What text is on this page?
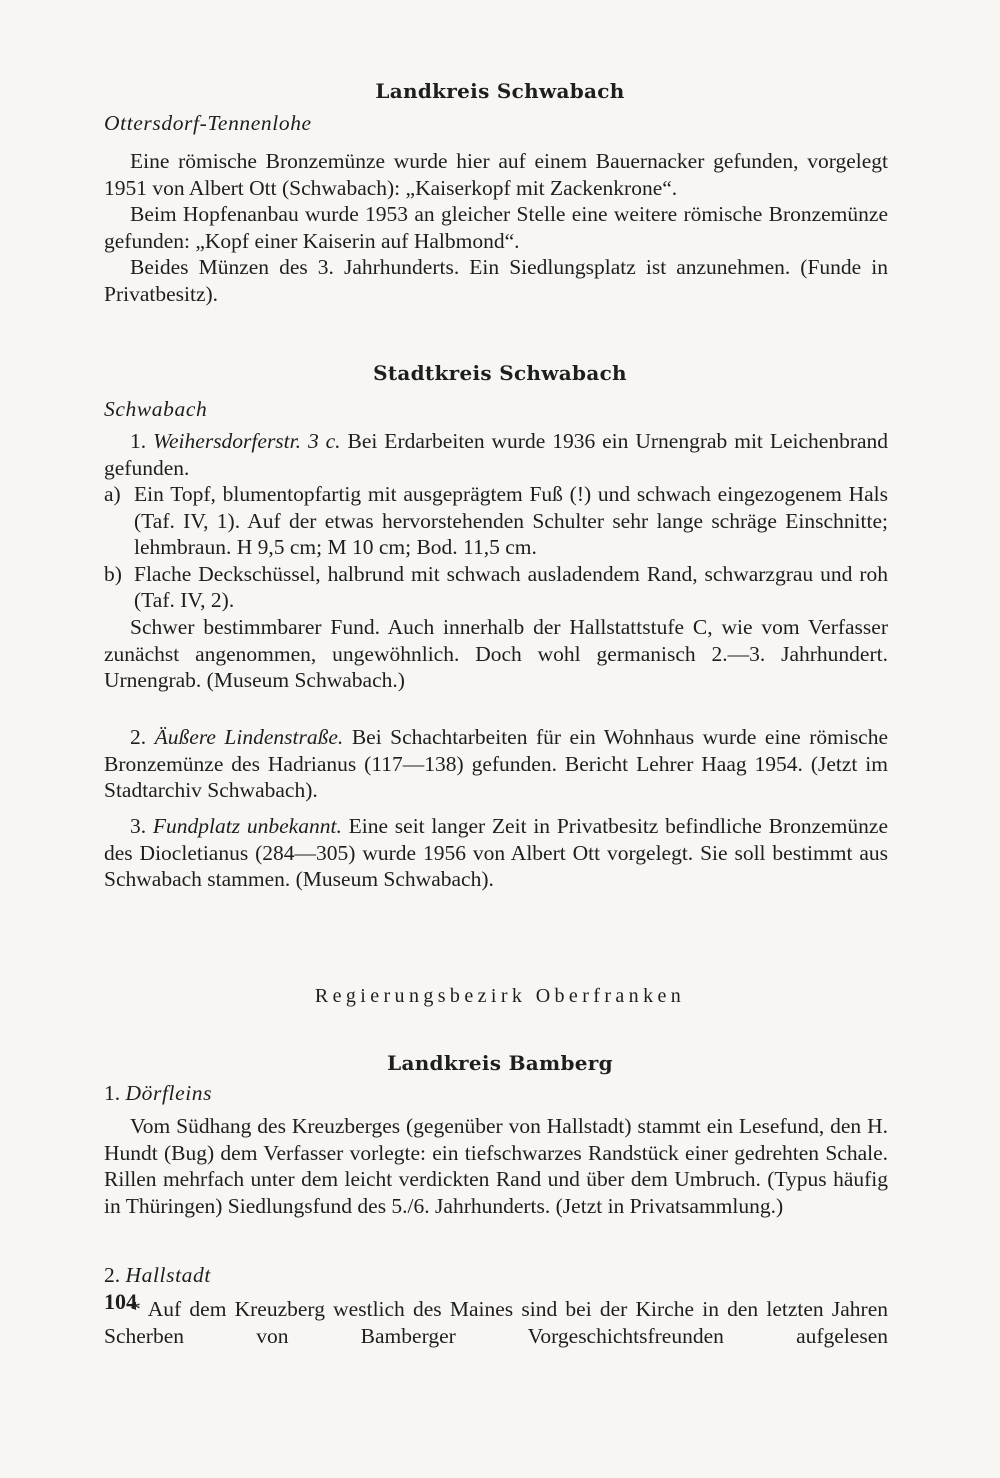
Landkreis Schwabach
Ottersdorf-Tennenlohe

Eine römische Bronzemünze wurde hier auf einem Bauernacker gefunden, vorgelegt 1951 von Albert Ott (Schwabach): „Kaiserkopf mit Zackenkrone“.

Beim Hopfenanbau wurde 1953 an gleicher Stelle eine weitere römische Bronzemünze gefunden: „Kopf einer Kaiserin auf Halbmond“.

Beides Münzen des 3. Jahrhunderts. Ein Siedlungsplatz ist anzunehmen. (Funde in Privatbesitz).

Stadtkreis Schwabach
Schwabach

1. Weihersdorferstr. 3 c. Bei Erdarbeiten wurde 1936 ein Urnengrab mit Leichenbrand gefunden.

a) Ein Topf, blumentopfartig mit ausgeprägtem Fuß (!) und schwach eingezogenem Hals (Taf. IV, 1). Auf der etwas hervorstehenden Schulter sehr lange schräge Einschnitte; lehmbraun. H 9,5 cm; M 10 cm; Bod. 11,5 cm.

b) Flache Deckschüssel, halbrund mit schwach ausladendem Rand, schwarzgrau und roh (Taf. IV, 2).

Schwer bestimmbarer Fund. Auch innerhalb der Hallstattstufe C, wie vom Verfasser zunächst angenommen, ungewöhnlich. Doch wohl germanisch 2.—3. Jahrhundert. Urnengrab. (Museum Schwabach.)

2. Äußere Lindenstraße. Bei Schachtarbeiten für ein Wohnhaus wurde eine römische Bronzemünze des Hadrianus (117—138) gefunden. Bericht Lehrer Haag 1954. (Jetzt im Stadtarchiv Schwabach).

3. Fundplatz unbekannt. Eine seit langer Zeit in Privatbesitz befindliche Bronzemünze des Diocletianus (284—305) wurde 1956 von Albert Ott vorgelegt. Sie soll bestimmt aus Schwabach stammen. (Museum Schwabach).

Regierungsbezirk Oberfranken
Landkreis Bamberg
1. Dörfleins

Vom Südhang des Kreuzberges (gegenüber von Hallstadt) stammt ein Lesefund, den H. Hundt (Bug) dem Verfasser vorlegte: ein tiefschwarzes Randstück einer gedrehten Schale. Rillen mehrfach unter dem leicht verdickten Rand und über dem Umbruch. (Typus häufig in Thüringen) Siedlungsfund des 5./6. Jahrhunderts. (Jetzt in Privatsammlung.)

2. Hallstadt

* Auf dem Kreuzberg westlich des Maines sind bei der Kirche in den letzten Jahren Scherben von Bamberger Vorgeschichtsfreunden aufgelesen

104
